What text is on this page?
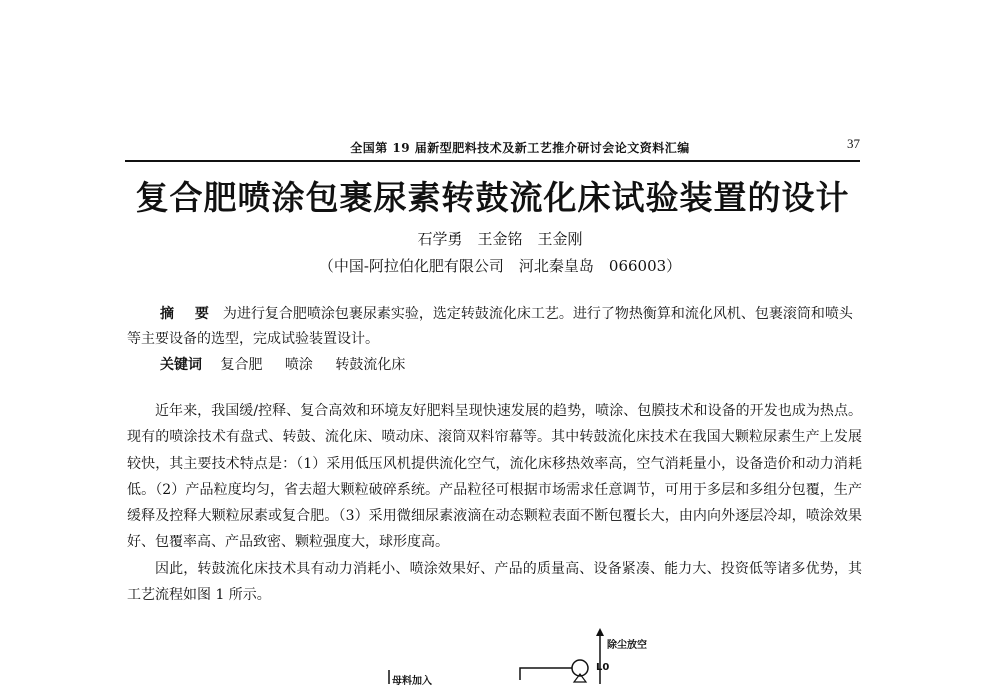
全国第 19 届新型肥料技术及新工艺推介研讨会论文资料汇编	37
复合肥喷涂包裹尿素转鼓流化床试验装置的设计
石学勇　王金铭　王金刚
（中国-阿拉伯化肥有限公司　河北秦皇岛　066003）
摘 要 为进行复合肥喷涂包裹尿素实验，选定转鼓流化床工艺。进行了物热衡算和流化风机、包裹滚筒和喷头等主要设备的选型，完成试验装置设计。
关键词 复合肥 喷涂 转鼓流化床

近年来，我国缓/控释、复合高效和环境友好肥料呈现快速发展的趋势，喷涂、包膜技术和设备的开发也成为热点。现有的喷涂技术有盘式、转鼓、流化床、喷动床、滚筒双料帘幕等。其中转鼓流化床技术在我国大颗粒尿素生产上发展较快，其主要技术特点是：（1）采用低压风机提供流化空气，流化床移热效率高，空气消耗量小，设备造价和动力消耗低。（2）产品粒度均匀，省去超大颗粒破碎系统。产品粒径可根据市场需求任意调节，可用于多层和多组分包覆，生产缓释及控释大颗粒尿素或复合肥。（3）采用微细尿素液滴在动态颗粒表面不断包覆长大，由内向外逐层冷却，喷涂效果好、包覆率高、产品致密、颗粒强度大，球形度高。

因此，转鼓流化床技术具有动力消耗小、喷涂效果好、产品的质量高、设备紧凑、能力大、投资低等诸多优势，其工艺流程如图 1 所示。

除尘放空
L0
母料加入
